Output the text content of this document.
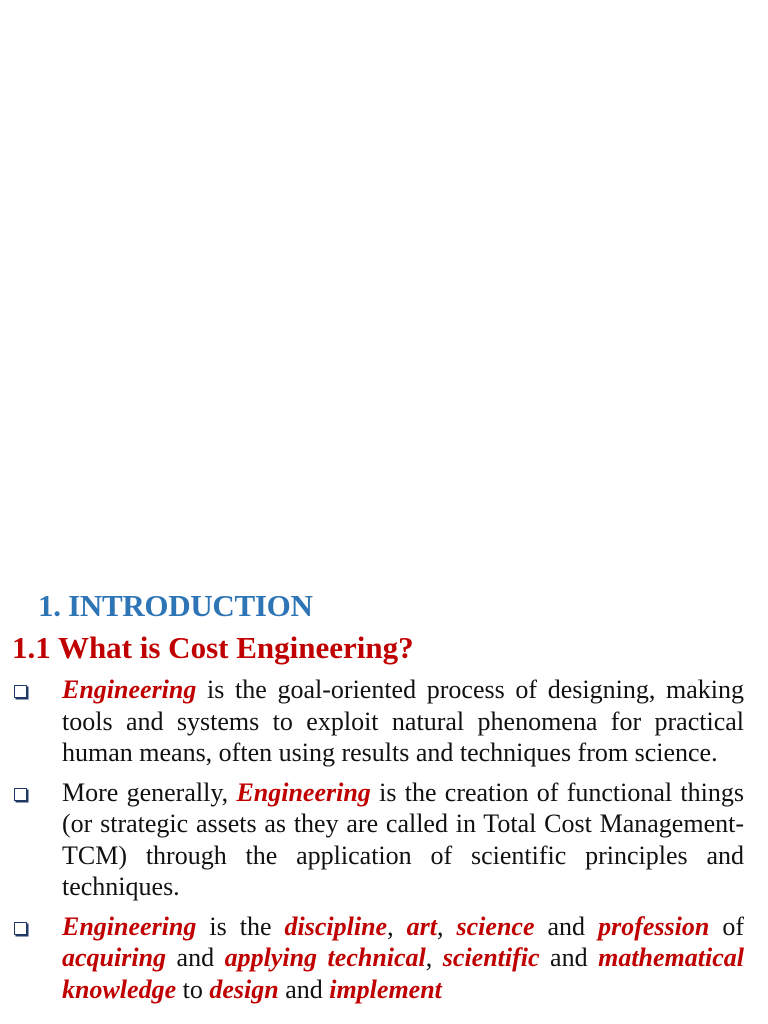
1. INTRODUCTION
1.1 What is Cost Engineering?
Engineering is the goal-oriented process of designing, making tools and systems to exploit natural phenomena for practical human means, often using results and techniques from science.
More generally, Engineering is the creation of functional things (or strategic assets as they are called in Total Cost Management-TCM) through the application of scientific principles and techniques.
Engineering is the discipline, art, science and profession of acquiring and applying technical, scientific and mathematical knowledge to design and implement
